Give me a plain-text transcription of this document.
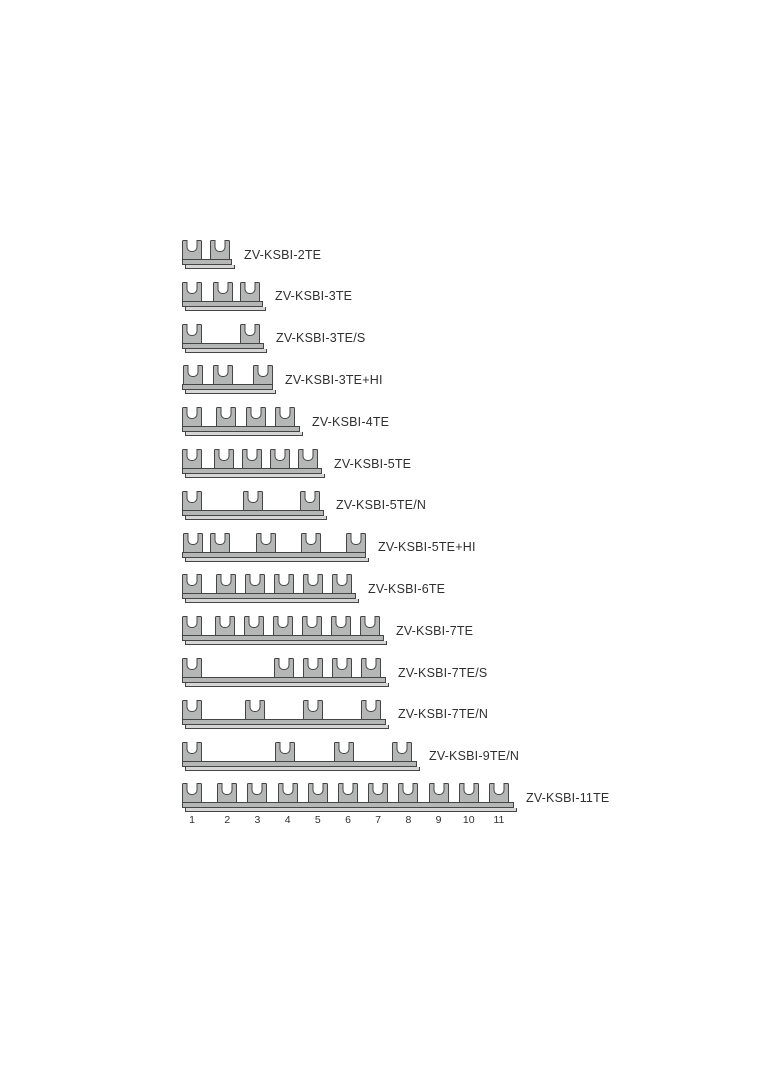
ZV-KSBI-2TE
ZV-KSBI-3TE
ZV-KSBI-3TE/S
ZV-KSBI-3TE+HI
ZV-KSBI-4TE
ZV-KSBI-5TE
ZV-KSBI-5TE/N
ZV-KSBI-5TE+HI
ZV-KSBI-6TE
ZV-KSBI-7TE
ZV-KSBI-7TE/S
ZV-KSBI-7TE/N
ZV-KSBI-9TE/N
1	2 3 4 5 6 7 8 9 10 11
ZV-KSBI-11TE
